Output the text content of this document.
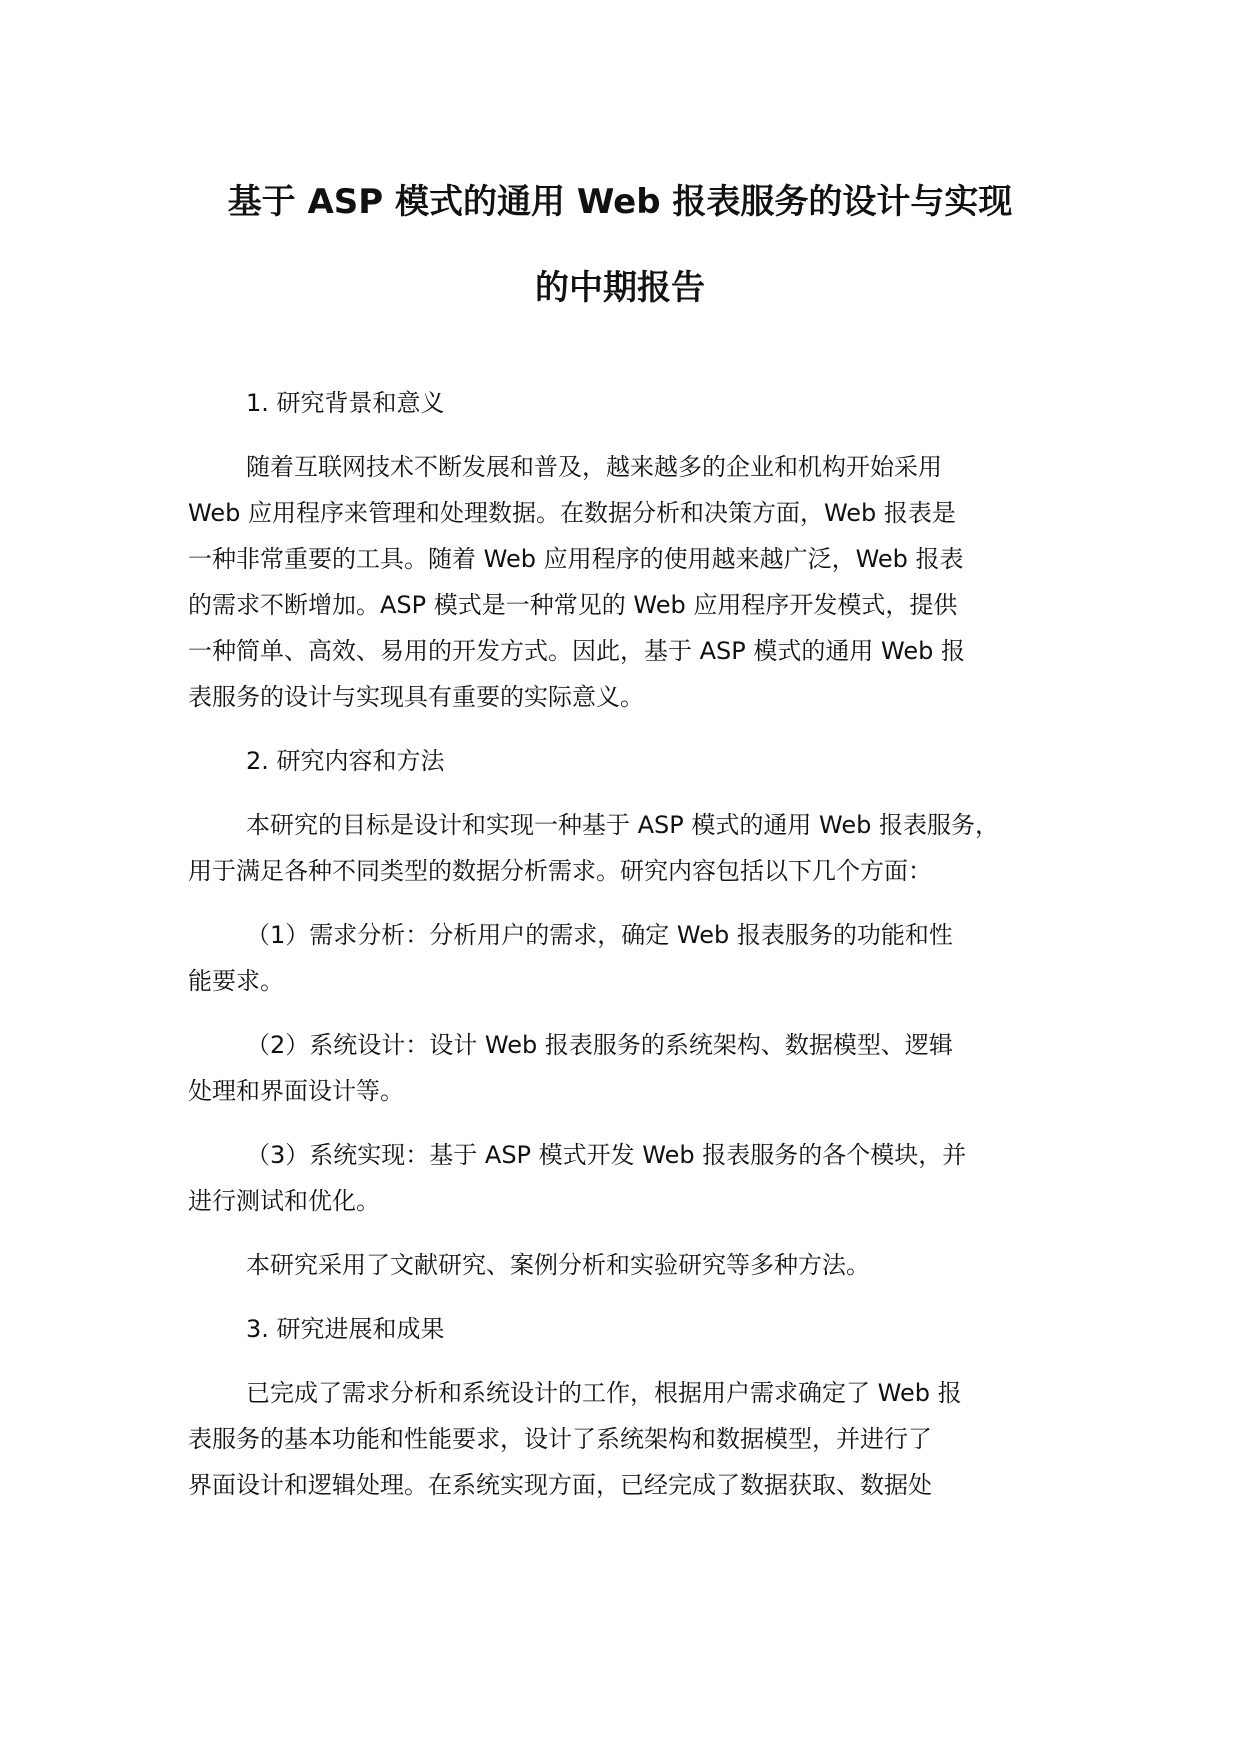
基于 ASP 模式的通用 Web 报表服务的设计与实现
的中期报告
1. 研究背景和意义
随着互联网技术不断发展和普及，越来越多的企业和机构开始采用
Web 应用程序来管理和处理数据。在数据分析和决策方面，Web 报表是
一种非常重要的工具。随着 Web 应用程序的使用越来越广泛，Web 报表
的需求不断增加。ASP 模式是一种常见的 Web 应用程序开发模式，提供
一种简单、高效、易用的开发方式。因此，基于 ASP 模式的通用 Web 报
表服务的设计与实现具有重要的实际意义。
2. 研究内容和方法
本研究的目标是设计和实现一种基于 ASP 模式的通用 Web 报表服务，
用于满足各种不同类型的数据分析需求。研究内容包括以下几个方面：
（1）需求分析：分析用户的需求，确定 Web 报表服务的功能和性
能要求。
（2）系统设计：设计 Web 报表服务的系统架构、数据模型、逻辑
处理和界面设计等。
（3）系统实现：基于 ASP 模式开发 Web 报表服务的各个模块，并
进行测试和优化。
本研究采用了文献研究、案例分析和实验研究等多种方法。
3. 研究进展和成果
已完成了需求分析和系统设计的工作，根据用户需求确定了 Web 报
表服务的基本功能和性能要求，设计了系统架构和数据模型，并进行了
界面设计和逻辑处理。在系统实现方面，已经完成了数据获取、数据处
